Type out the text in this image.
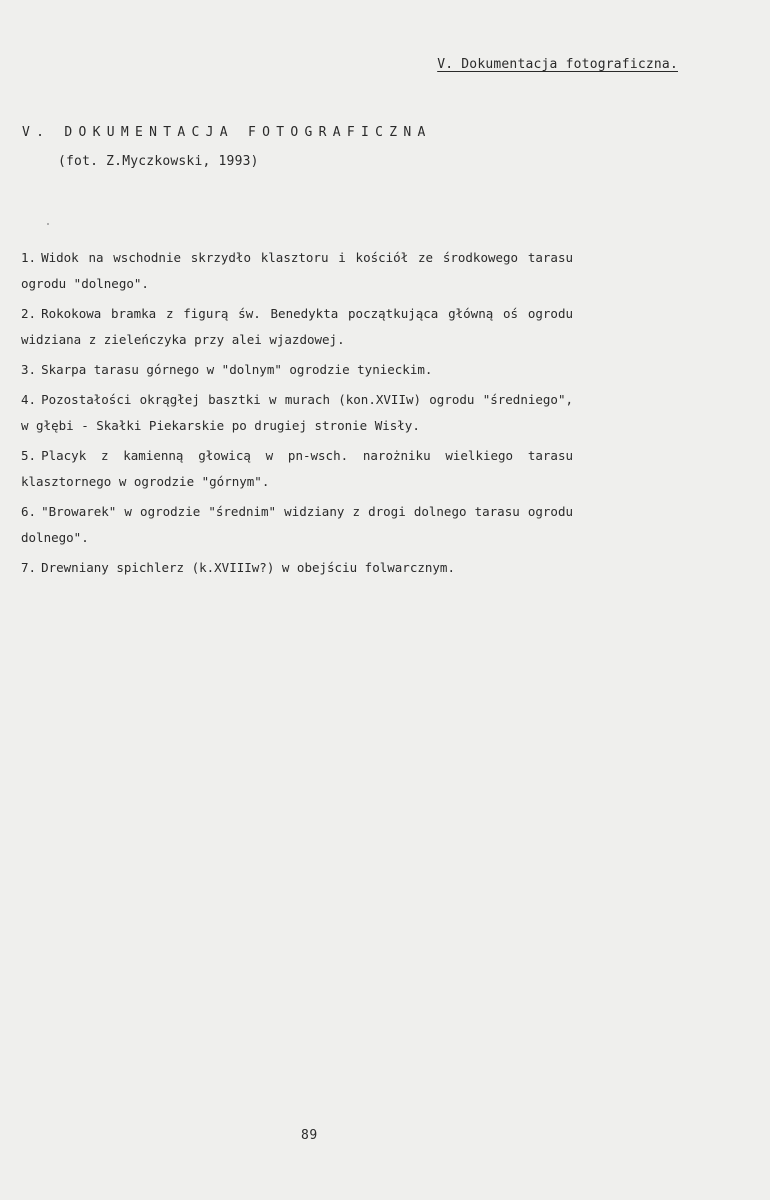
V. Dokumentacja fotograficzna.
V. DOKUMENTACJA FOTOGRAFICZNA
(fot. Z.Myczkowski, 1993)
1. Widok na wschodnie skrzydło klasztoru i kościół ze środkowego tarasu ogrodu "dolnego".
2. Rokokowa bramka z figurą św. Benedykta początkująca główną oś ogrodu widziana z zieleńczyka przy alei wjazdowej.
3. Skarpa tarasu górnego w "dolnym" ogrodzie tynieckim.
4. Pozostałości okrągłej basztki w murach (kon.XVIIw) ogrodu "średniego", w głębi - Skałki Piekarskie po drugiej stronie Wisły.
5. Placyk z kamienną głowicą w pn-wsch. narożniku wielkiego tarasu klasztornego w ogrodzie "górnym".
6. "Browarek" w ogrodzie "średnim" widziany z drogi dolnego tarasu ogrodu dolnego".
7. Drewniany spichlerz (k.XVIIIw?) w obejściu folwarcznym.
89
